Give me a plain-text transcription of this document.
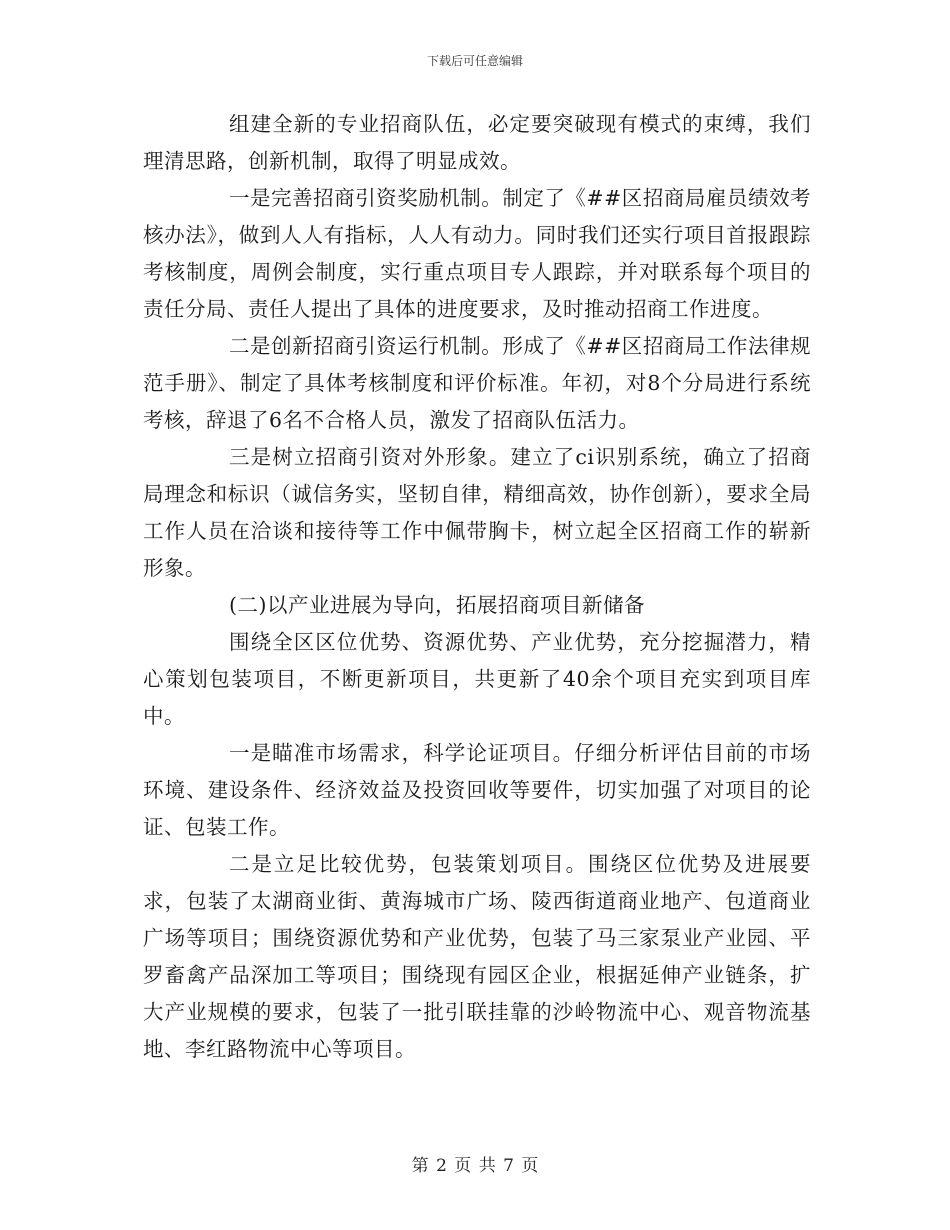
下载后可任意编辑

组建全新的专业招商队伍，必定要突破现有模式的束缚，我们理清思路，创新机制，取得了明显成效。

一是完善招商引资奖励机制。制定了《##区招商局雇员绩效考核办法》，做到人人有指标，人人有动力。同时我们还实行项目首报跟踪考核制度，周例会制度，实行重点项目专人跟踪，并对联系每个项目的责任分局、责任人提出了具体的进度要求，及时推动招商工作进度。

二是创新招商引资运行机制。形成了《##区招商局工作法律规范手册》、制定了具体考核制度和评价标准。年初，对8个分局进行系统考核，辞退了6名不合格人员，激发了招商队伍活力。

三是树立招商引资对外形象。建立了ci识别系统，确立了招商局理念和标识（诚信务实，坚韧自律，精细高效，协作创新），要求全局工作人员在洽谈和接待等工作中佩带胸卡，树立起全区招商工作的崭新形象。

(二)以产业进展为导向，拓展招商项目新储备

围绕全区区位优势、资源优势、产业优势，充分挖掘潜力，精心策划包装项目，不断更新项目，共更新了40余个项目充实到项目库中。

一是瞄准市场需求，科学论证项目。仔细分析评估目前的市场环境、建设条件、经济效益及投资回收等要件，切实加强了对项目的论证、包装工作。

二是立足比较优势，包装策划项目。围绕区位优势及进展要求，包装了太湖商业街、黄海城市广场、陵西街道商业地产、包道商业广场等项目；围绕资源优势和产业优势，包装了马三家泵业产业园、平罗畜禽产品深加工等项目；围绕现有园区企业，根据延伸产业链条，扩大产业规模的要求，包装了一批引联挂靠的沙岭物流中心、观音物流基地、李红路物流中心等项目。

第 2 页 共 7 页
